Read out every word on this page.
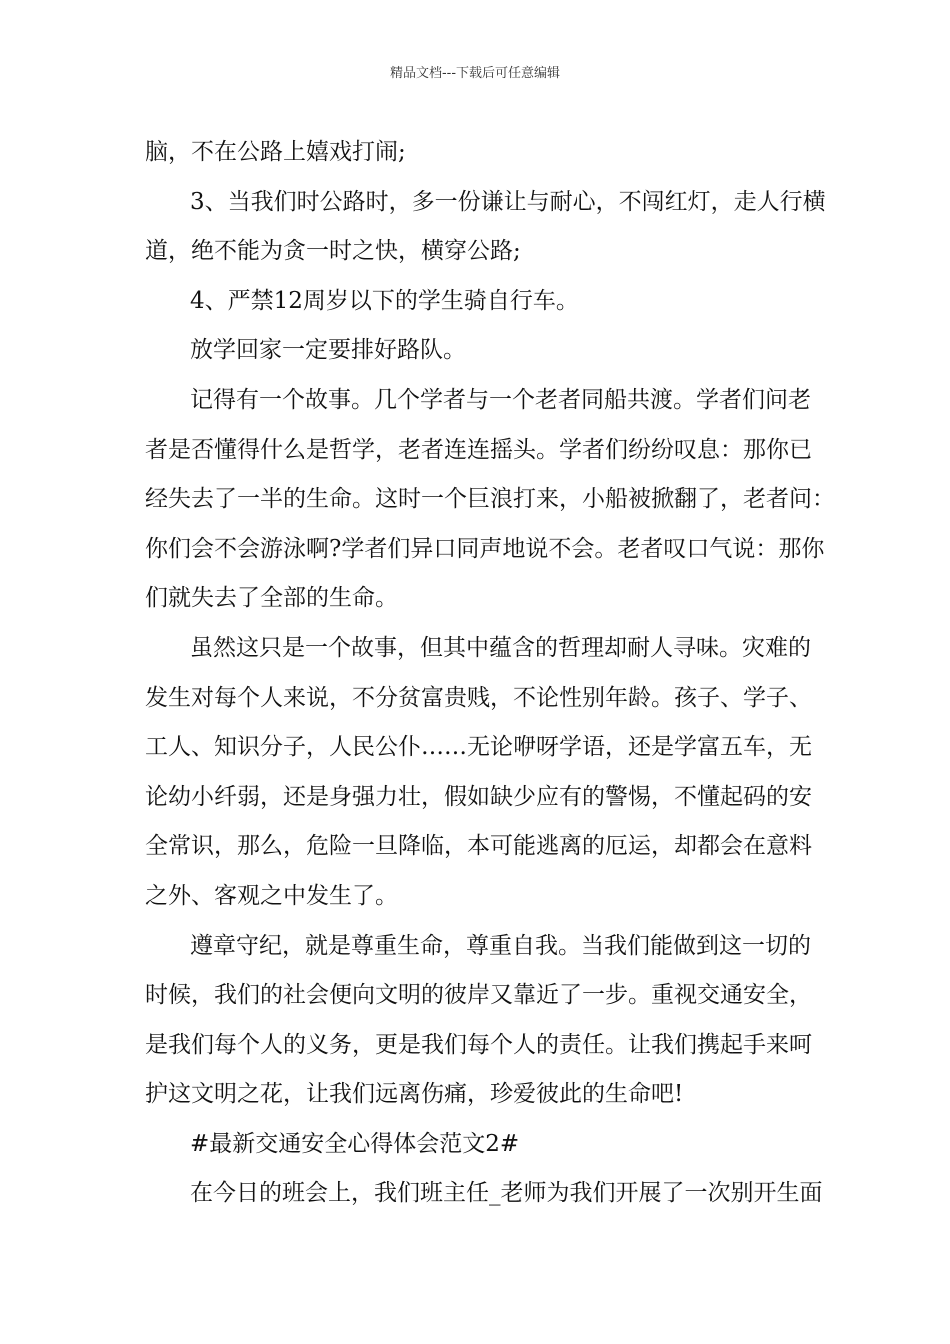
精品文档---下载后可任意编辑
脑，不在公路上嬉戏打闹;
3、当我们时公路时，多一份谦让与耐心，不闯红灯，走人行横
道，绝不能为贪一时之快，横穿公路;
4、严禁12周岁以下的学生骑自行车。
放学回家一定要排好路队。
记得有一个故事。几个学者与一个老者同船共渡。学者们问老
者是否懂得什么是哲学，老者连连摇头。学者们纷纷叹息：那你已
经失去了一半的生命。这时一个巨浪打来，小船被掀翻了，老者问：
你们会不会游泳啊?学者们异口同声地说不会。老者叹口气说：那你
们就失去了全部的生命。
虽然这只是一个故事，但其中蕴含的哲理却耐人寻味。灾难的
发生对每个人来说，不分贫富贵贱，不论性别年龄。孩子、学子、
工人、知识分子，人民公仆……无论咿呀学语，还是学富五车，无
论幼小纤弱，还是身强力壮，假如缺少应有的警惕，不懂起码的安
全常识，那么，危险一旦降临，本可能逃离的厄运，却都会在意料
之外、客观之中发生了。
遵章守纪，就是尊重生命，尊重自我。当我们能做到这一切的
时候，我们的社会便向文明的彼岸又靠近了一步。重视交通安全，
是我们每个人的义务，更是我们每个人的责任。让我们携起手来呵
护这文明之花，让我们远离伤痛，珍爱彼此的生命吧!
#最新交通安全心得体会范文2#
在今日的班会上，我们班主任_老师为我们开展了一次别开生面
